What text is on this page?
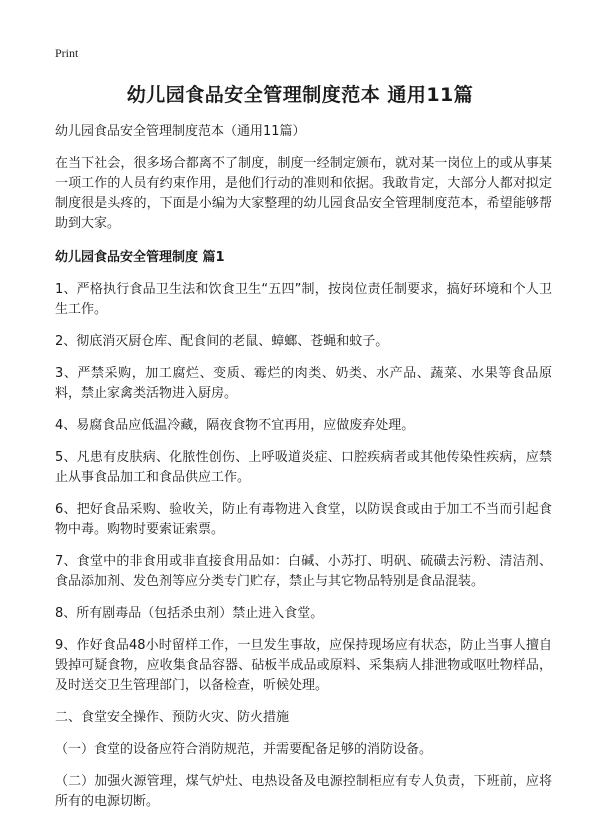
Print
幼儿园食品安全管理制度范本 通用11篇

幼儿园食品安全管理制度范本（通用11篇）

在当下社会，很多场合都离不了制度，制度一经制定颁布，就对某一岗位上的或从事某一项工作的人员有约束作用，是他们行动的准则和依据。我敢肯定，大部分人都对拟定制度很是头疼的，下面是小编为大家整理的幼儿园食品安全管理制度范本，希望能够帮助到大家。

幼儿园食品安全管理制度 篇1

1、严格执行食品卫生法和饮食卫生“五四”制，按岗位责任制要求，搞好环境和个人卫生工作。

2、彻底消灭厨仓库、配食间的老鼠、蟑螂、苍蝇和蚊子。

3、严禁采购，加工腐烂、变质、霉烂的肉类、奶类、水产品、蔬菜、水果等食品原料，禁止家禽类活物进入厨房。

4、易腐食品应低温冷藏，隔夜食物不宜再用，应做废弃处理。

5、凡患有皮肤病、化脓性创伤、上呼吸道炎症、口腔疾病者或其他传染性疾病，应禁止从事食品加工和食品供应工作。

6、把好食品采购、验收关，防止有毒物进入食堂，以防误食或由于加工不当而引起食物中毒。购物时要索证索票。

7、食堂中的非食用或非直接食用品如：白碱、小苏打、明矾、硫磺去污粉、清洁剂、食品添加剂、发色剂等应分类专门贮存，禁止与其它物品特别是食品混装。

8、所有剧毒品（包括杀虫剂）禁止进入食堂。

9、作好食品48小时留样工作，一旦发生事故，应保持现场应有状态，防止当事人擅自毁掉可疑食物，应收集食品容器、砧板半成品或原料、采集病人排泄物或呕吐物样品，及时送交卫生管理部门，以备检查，听候处理。

二、食堂安全操作、预防火灾、防火措施

（一）食堂的设备应符合消防规范，并需要配备足够的消防设备。

（二）加强火源管理，煤气炉灶、电热设备及电源控制柜应有专人负责，下班前，应将所有的电源切断。
